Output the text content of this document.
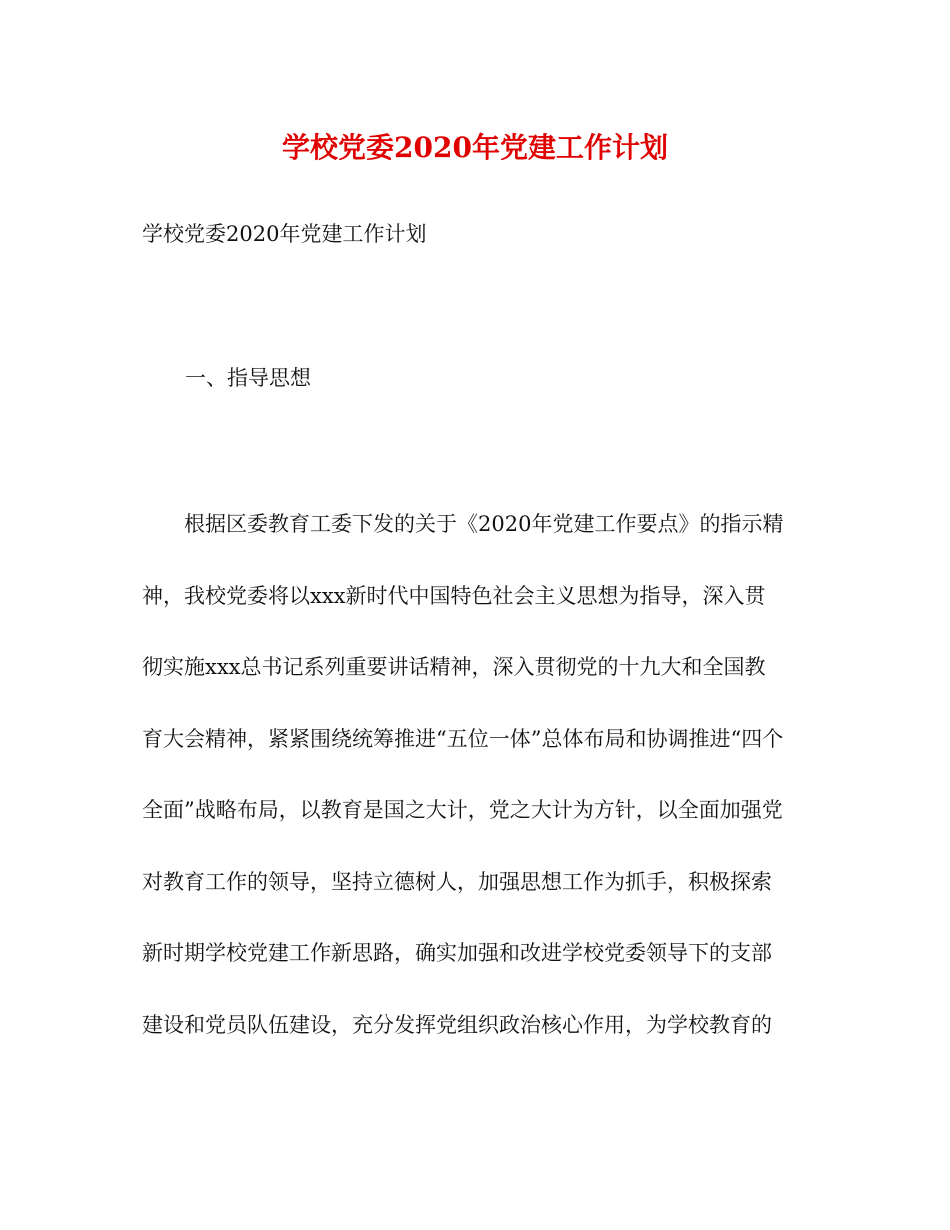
学校党委2020年党建工作计划

学校党委2020年党建工作计划

一、指导思想

根据区委教育工委下发的关于《2020年党建工作要点》的指示精
神，我校党委将以xxx新时代中国特色社会主义思想为指导，深入贯
彻实施xxx总书记系列重要讲话精神，深入贯彻党的十九大和全国教
育大会精神，紧紧围绕统筹推进“五位一体”总体布局和协调推进“四个
全面”战略布局，以教育是国之大计，党之大计为方针，以全面加强党
对教育工作的领导，坚持立德树人，加强思想工作为抓手，积极探索
新时期学校党建工作新思路，确实加强和改进学校党委领导下的支部
建设和党员队伍建设，充分发挥党组织政治核心作用，为学校教育的
